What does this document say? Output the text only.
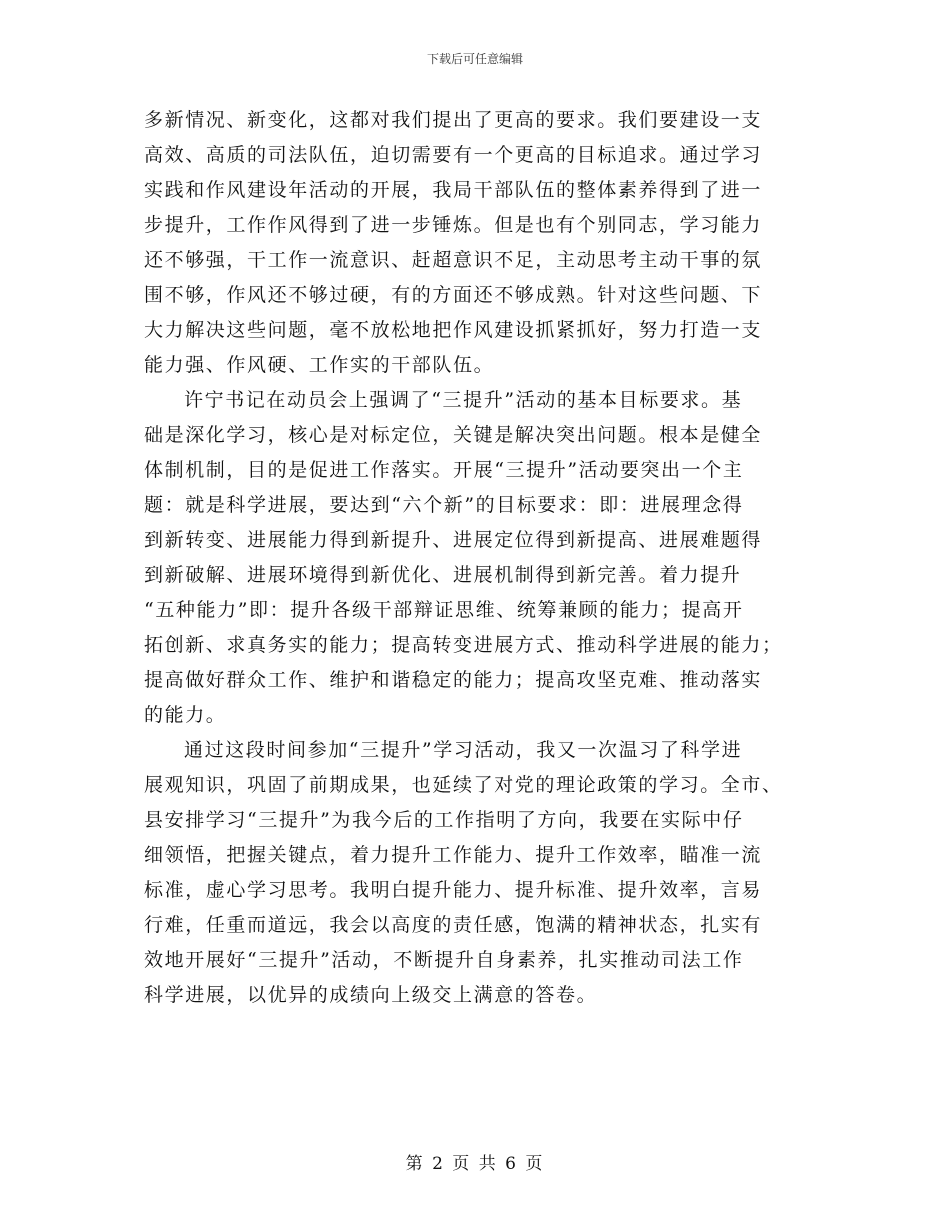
下载后可任意编辑
多新情况、新变化，这都对我们提出了更高的要求。我们要建设一支
高效、高质的司法队伍，迫切需要有一个更高的目标追求。通过学习
实践和作风建设年活动的开展，我局干部队伍的整体素养得到了进一
步提升，工作作风得到了进一步锤炼。但是也有个别同志，学习能力
还不够强，干工作一流意识、赶超意识不足，主动思考主动干事的氛
围不够，作风还不够过硬，有的方面还不够成熟。针对这些问题、下
大力解决这些问题，毫不放松地把作风建设抓紧抓好，努力打造一支
能力强、作风硬、工作实的干部队伍。
许宁书记在动员会上强调了“三提升”活动的基本目标要求。基
础是深化学习，核心是对标定位，关键是解决突出问题。根本是健全
体制机制，目的是促进工作落实。开展“三提升”活动要突出一个主
题：就是科学进展，要达到“六个新”的目标要求：即：进展理念得
到新转变、进展能力得到新提升、进展定位得到新提高、进展难题得
到新破解、进展环境得到新优化、进展机制得到新完善。着力提升
“五种能力”即：提升各级干部辩证思维、统筹兼顾的能力；提高开
拓创新、求真务实的能力；提高转变进展方式、推动科学进展的能力；
提高做好群众工作、维护和谐稳定的能力；提高攻坚克难、推动落实
的能力。
通过这段时间参加“三提升”学习活动，我又一次温习了科学进
展观知识，巩固了前期成果，也延续了对党的理论政策的学习。全市、
县安排学习“三提升”为我今后的工作指明了方向，我要在实际中仔
细领悟，把握关键点，着力提升工作能力、提升工作效率，瞄准一流
标准，虚心学习思考。我明白提升能力、提升标准、提升效率，言易
行难，任重而道远，我会以高度的责任感，饱满的精神状态，扎实有
效地开展好“三提升”活动，不断提升自身素养，扎实推动司法工作
科学进展，以优异的成绩向上级交上满意的答卷。
第 2 页 共 6 页
